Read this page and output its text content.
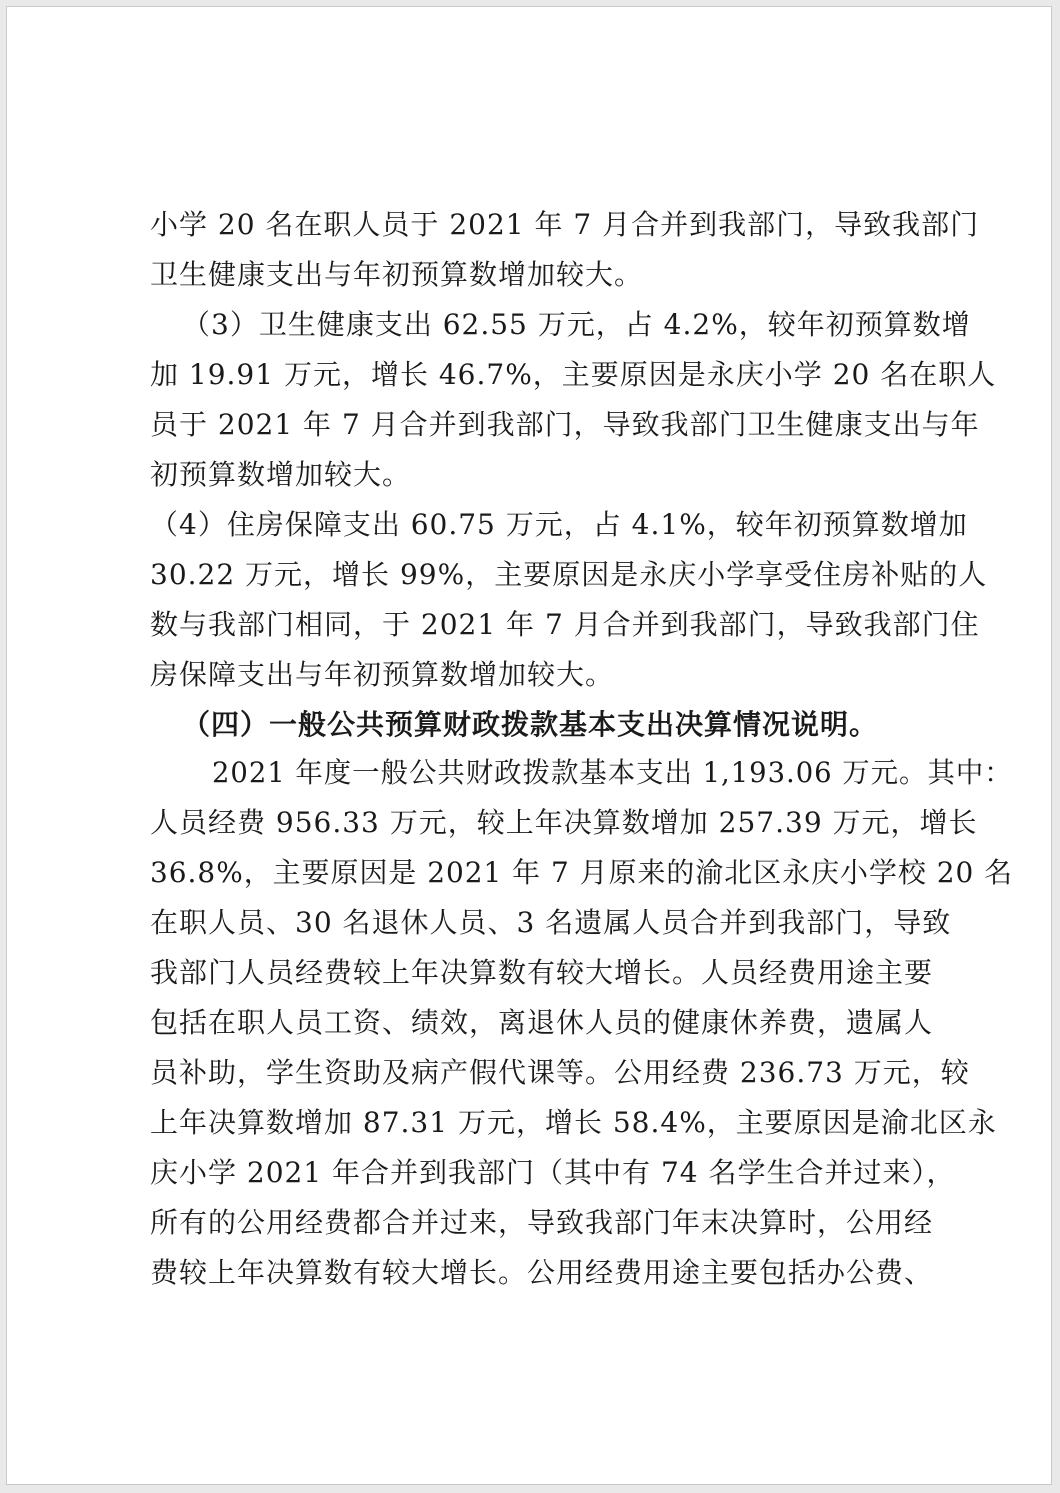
小学 20 名在职人员于 2021 年 7 月合并到我部门，导致我部门
卫生健康支出与年初预算数增加较大。
（3）卫生健康支出 62.55 万元，占 4.2%，较年初预算数增
加 19.91 万元，增长 46.7%，主要原因是永庆小学 20 名在职人
员于 2021 年 7 月合并到我部门，导致我部门卫生健康支出与年
初预算数增加较大。
（4）住房保障支出 60.75 万元，占 4.1%，较年初预算数增加
30.22 万元，增长 99%，主要原因是永庆小学享受住房补贴的人
数与我部门相同，于 2021 年 7 月合并到我部门，导致我部门住
房保障支出与年初预算数增加较大。
（四）一般公共预算财政拨款基本支出决算情况说明。
2021 年度一般公共财政拨款基本支出 1,193.06 万元。其中：
人员经费 956.33 万元，较上年决算数增加 257.39 万元，增长
36.8%，主要原因是 2021 年 7 月原来的渝北区永庆小学校 20 名
在职人员、30 名退休人员、3 名遗属人员合并到我部门，导致
我部门人员经费较上年决算数有较大增长。人员经费用途主要
包括在职人员工资、绩效，离退休人员的健康休养费，遗属人
员补助，学生资助及病产假代课等。公用经费 236.73 万元，较
上年决算数增加 87.31 万元，增长 58.4%，主要原因是渝北区永
庆小学 2021 年合并到我部门（其中有 74 名学生合并过来），
所有的公用经费都合并过来，导致我部门年末决算时，公用经
费较上年决算数有较大增长。公用经费用途主要包括办公费、
